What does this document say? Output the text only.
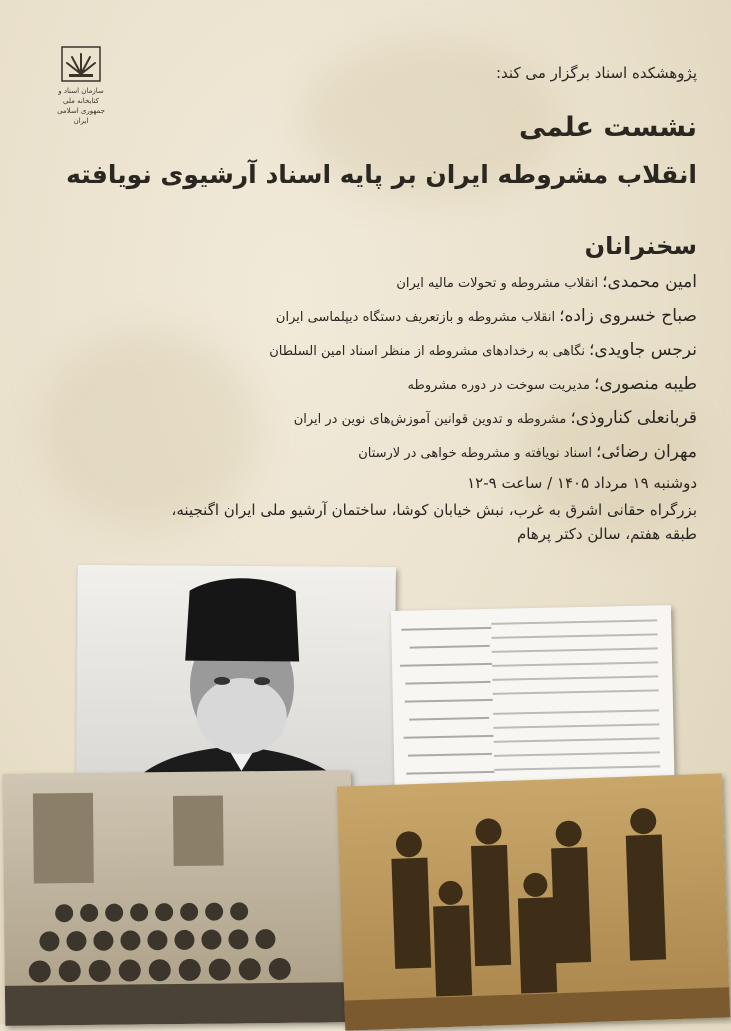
سازمان اسناد و کتابخانه ملی
جمهوری اسلامی ایران
پژوهشکده اسناد برگزار می کند:
نشست علمی
انقلاب مشروطه ایران بر پایه اسناد آرشیوی نویافته
سخنرانان
امین محمدی؛انقلاب مشروطه و تحولات مالیه ایران
صباح خسروی زاده؛انقلاب مشروطه و بازتعریف دستگاه دیپلماسی ایران
نرجس جاویدی؛نگاهی به رخدادهای مشروطه از منظر اسناد امین السلطان
طیبه منصوری؛مدیریت سوخت در دوره مشروطه
قربانعلی کناروذی؛مشروطه و تدوین قوانین آموزش‌های نوین در ایران
مهران رضائی؛اسناد نویافته و مشروطه خواهی در لارستان
دوشنبه ۱۹ مرداد ۱۴۰۵ / ساعت ۹-۱۲
بزرگراه حقانی اشرق به غرب، نبش خیابان کوشا، ساختمان آرشیو ملی ایران اگنجینه،
طبقه هفتم، سالن دکتر پرهام
